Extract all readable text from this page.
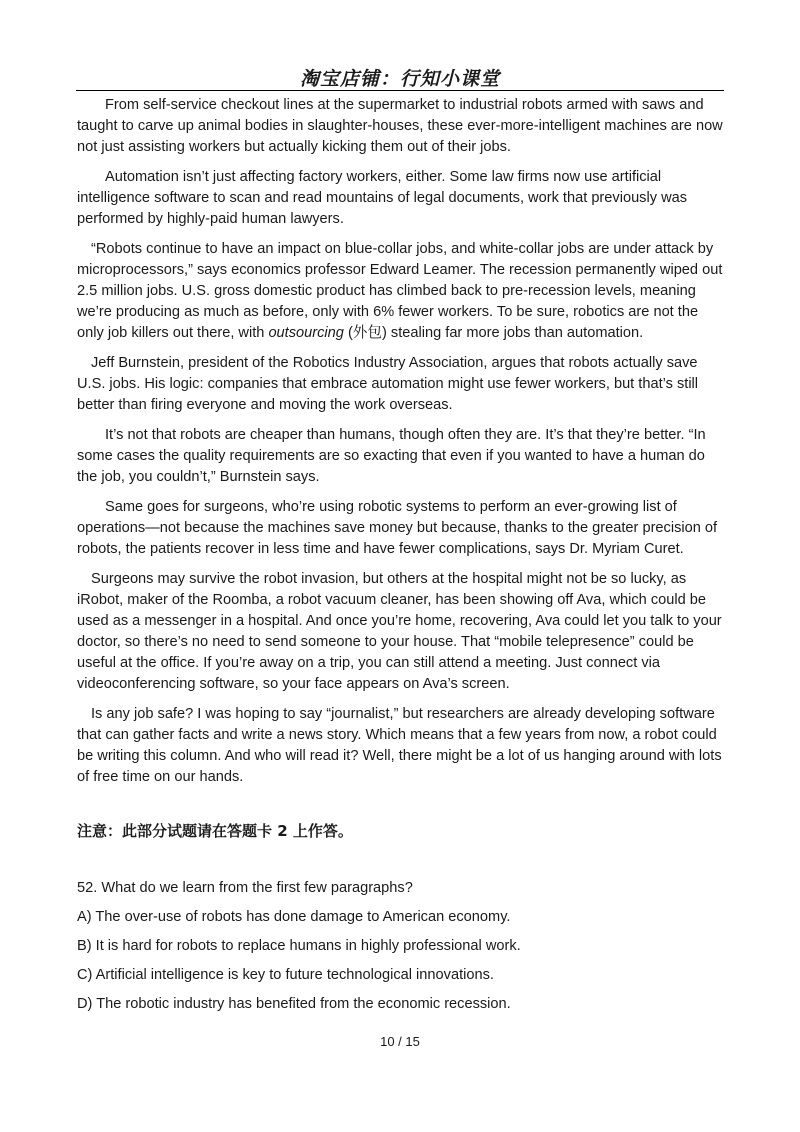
淘宝店铺：行知小课堂

From self-service checkout lines at the supermarket to industrial robots armed with saws and taught to carve up animal bodies in slaughter-houses, these ever-more-intelligent machines are now not just assisting workers but actually kicking them out of their jobs.

Automation isn’t just affecting factory workers, either. Some law firms now use artificial intelligence software to scan and read mountains of legal documents, work that previously was performed by highly-paid human lawyers.

“Robots continue to have an impact on blue-collar jobs, and white-collar jobs are under attack by microprocessors,” says economics professor Edward Leamer. The recession permanently wiped out 2.5 million jobs. U.S. gross domestic product has climbed back to pre-recession levels, meaning we’re producing as much as before, only with 6% fewer workers. To be sure, robotics are not the only job killers out there, with outsourcing (外包) stealing far more jobs than automation.

Jeff Burnstein, president of the Robotics Industry Association, argues that robots actually save U.S. jobs. His logic: companies that embrace automation might use fewer workers, but that’s still better than firing everyone and moving the work overseas.

It’s not that robots are cheaper than humans, though often they are. It’s that they’re better. “In some cases the quality requirements are so exacting that even if you wanted to have a human do the job, you couldn’t,” Burnstein says.

Same goes for surgeons, who’re using robotic systems to perform an ever-growing list of operations—not because the machines save money but because, thanks to the greater precision of robots, the patients recover in less time and have fewer complications, says Dr. Myriam Curet.

Surgeons may survive the robot invasion, but others at the hospital might not be so lucky, as iRobot, maker of the Roomba, a robot vacuum cleaner, has been showing off Ava, which could be used as a messenger in a hospital. And once you’re home, recovering, Ava could let you talk to your doctor, so there’s no need to send someone to your house. That “mobile telepresence” could be useful at the office. If you’re away on a trip, you can still attend a meeting. Just connect via videoconferencing software, so your face appears on Ava’s screen.

Is any job safe? I was hoping to say “journalist,” but researchers are already developing software that can gather facts and write a news story. Which means that a few years from now, a robot could be writing this column. And who will read it? Well, there might be a lot of us hanging around with lots of free time on our hands.

注意：此部分试题请在答题卡 2 上作答。
52. What do we learn from the first few paragraphs?
A) The over-use of robots has done damage to American economy.
B) It is hard for robots to replace humans in highly professional work.
C) Artificial intelligence is key to future technological innovations.
D) The robotic industry has benefited from the economic recession.
10 / 15
